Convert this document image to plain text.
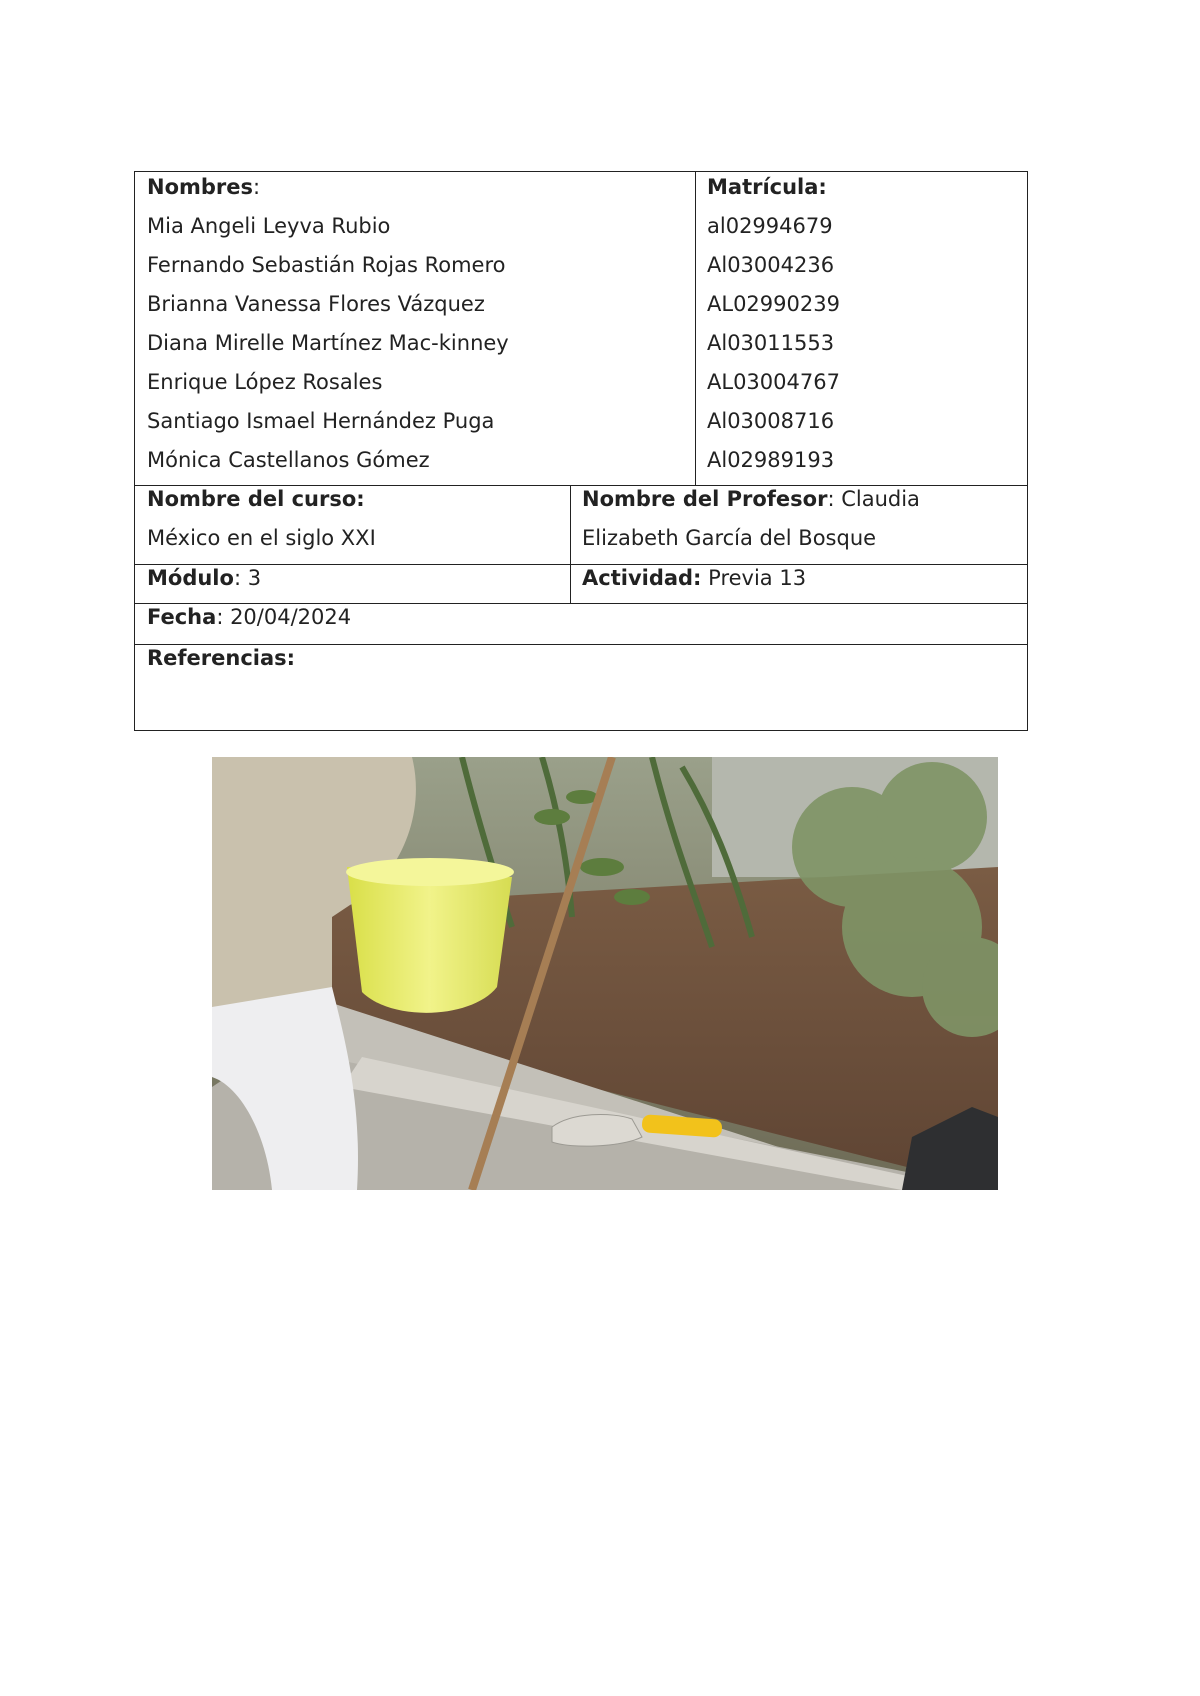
Nombres:	Matrícula:
Mia Angeli Leyva Rubio	al02994679
Fernando Sebastián Rojas Romero	Al03004236
Brianna Vanessa Flores Vázquez	AL02990239
Diana Mirelle Martínez Mac-kinney	Al03011553
Enrique López Rosales	AL03004767
Santiago Ismael Hernández Puga	Al03008716
Mónica Castellanos Gómez	Al02989193
Nombre del curso:
México en el siglo XXI
Nombre del Profesor: Claudia
Elizabeth García del Bosque
Módulo: 3	Actividad: Previa 13
Fecha: 20/04/2024
Referencias:
